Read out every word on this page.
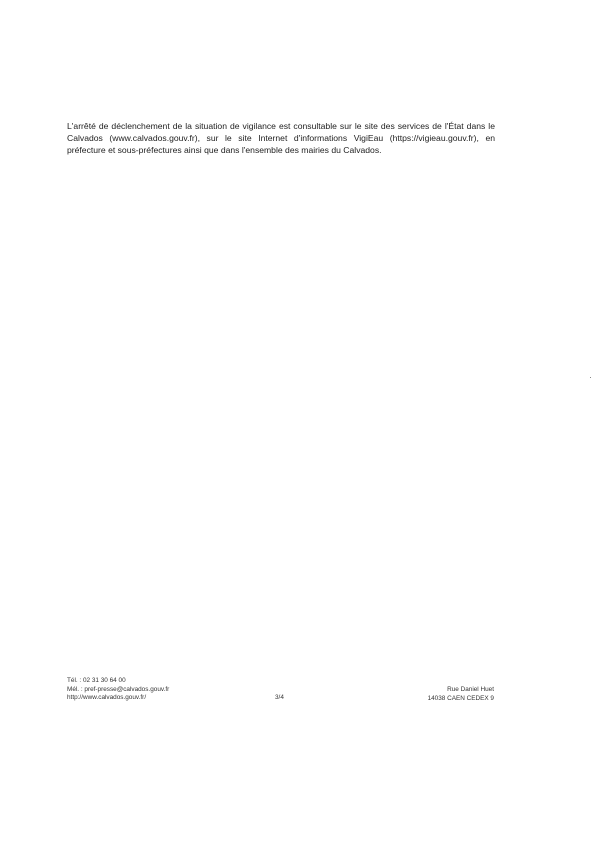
L'arrêté de déclenchement de la situation de vigilance est consultable sur le site des services de l'État dans le Calvados (www.calvados.gouv.fr), sur le site Internet d'informations VigiEau (https://vigieau.gouv.fr), en préfecture et sous-préfectures ainsi que dans l'ensemble des mairies du Calvados.
Tél. : 02 31 30 64 00
Mél. : pref-presse@calvados.gouv.fr
http://www.calvados.gouv.fr/	3/4
Rue Daniel Huet
14038 CAEN CEDEX 9
